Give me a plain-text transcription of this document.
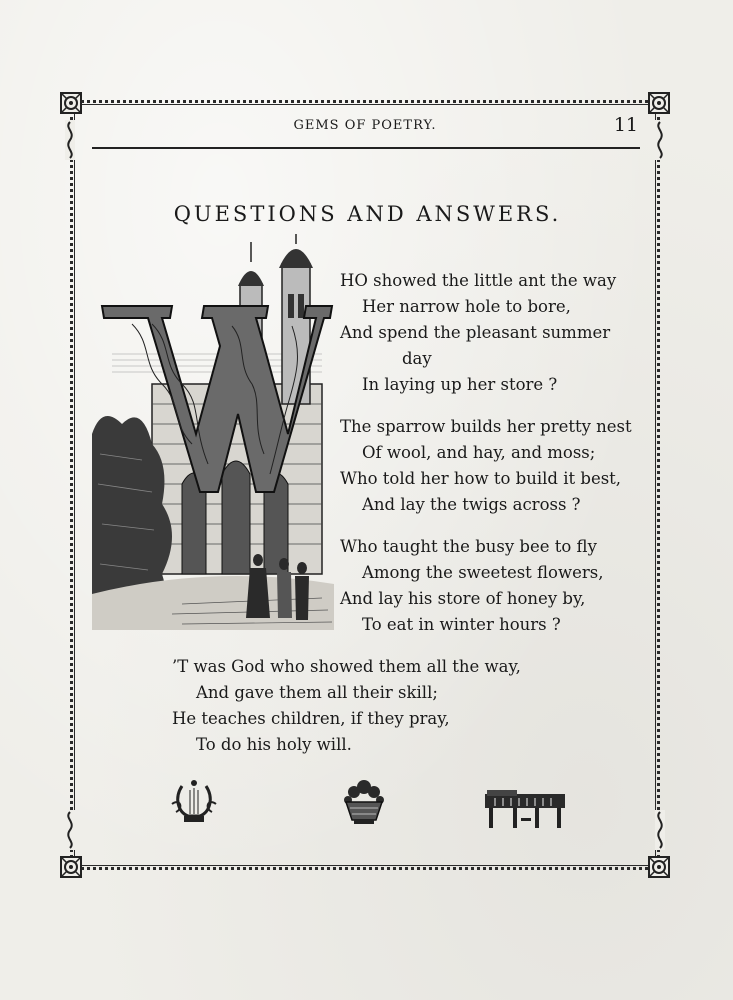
GEMS OF POETRY.	11
QUESTIONS AND ANSWERS.
HO showed the little ant the way
Her narrow hole to bore,
And spend the pleasant summer
day
In laying up her store ?
The sparrow builds her pretty nest
Of wool, and hay, and moss;
Who told her how to build it best,
And lay the twigs across ?
Who taught the busy bee to fly
Among the sweetest flowers,
And lay his store of honey by,
To eat in winter hours ?
’T was God who showed them all the way,
And gave them all their skill;
He teaches children, if they pray,
To do his holy will.
